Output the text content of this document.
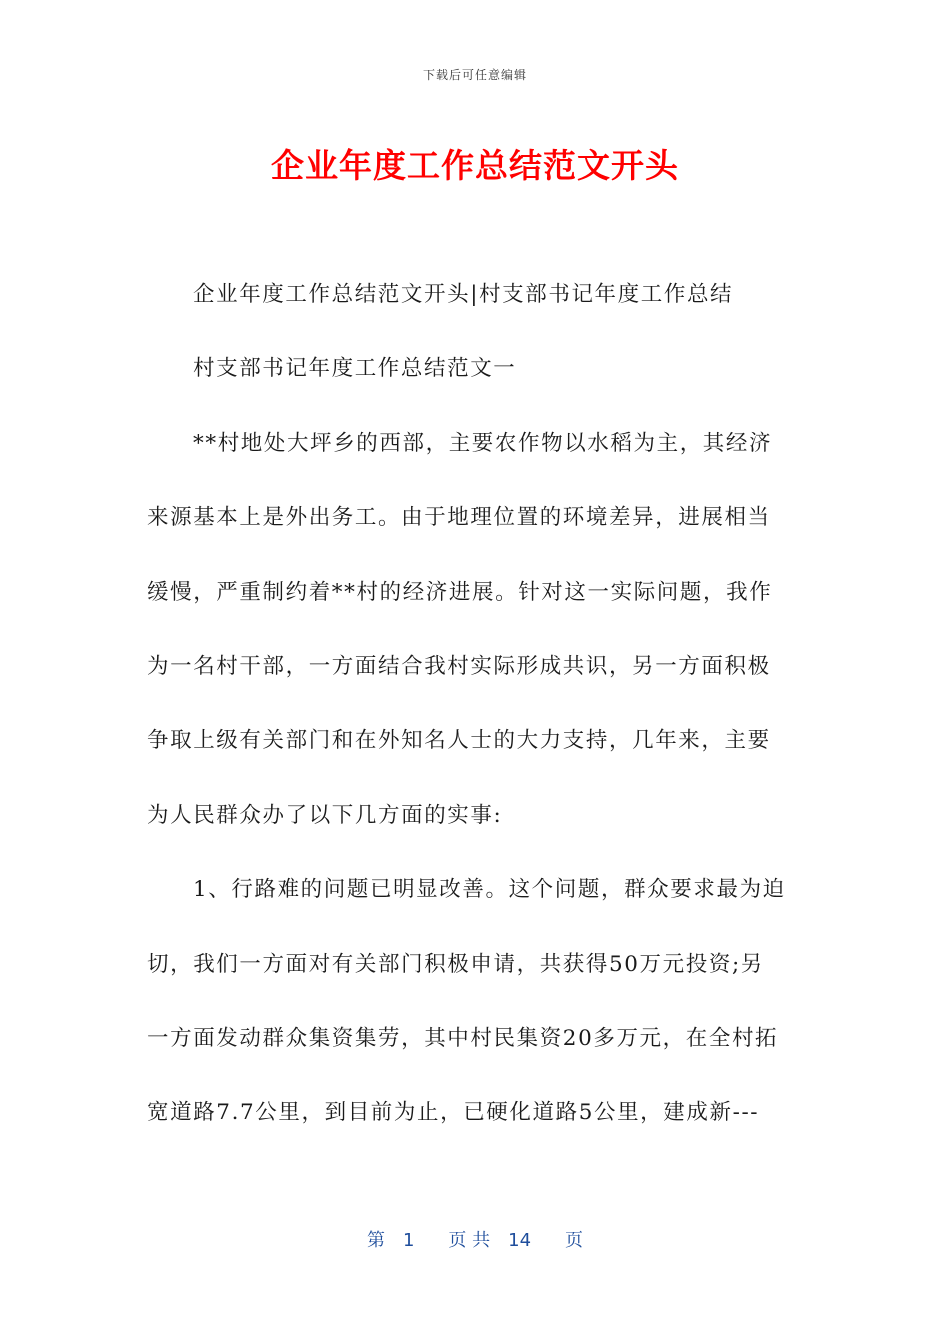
下载后可任意编辑
企业年度工作总结范文开头
企业年度工作总结范文开头|村支部书记年度工作总结
村支部书记年度工作总结范文一
**村地处大坪乡的西部，主要农作物以水稻为主，其经济
来源基本上是外出务工。由于地理位置的环境差异，进展相当
缓慢，严重制约着**村的经济进展。针对这一实际问题，我作
为一名村干部，一方面结合我村实际形成共识，另一方面积极
争取上级有关部门和在外知名人士的大力支持，几年来，主要
为人民群众办了以下几方面的实事:
1、行路难的问题已明显改善。这个问题，群众要求最为迫
切，我们一方面对有关部门积极申请，共获得50万元投资;另
一方面发动群众集资集劳，其中村民集资20多万元，在全村拓
宽道路7.7公里，到目前为止，已硬化道路5公里，建成新---
第 1 页 共 14 页
